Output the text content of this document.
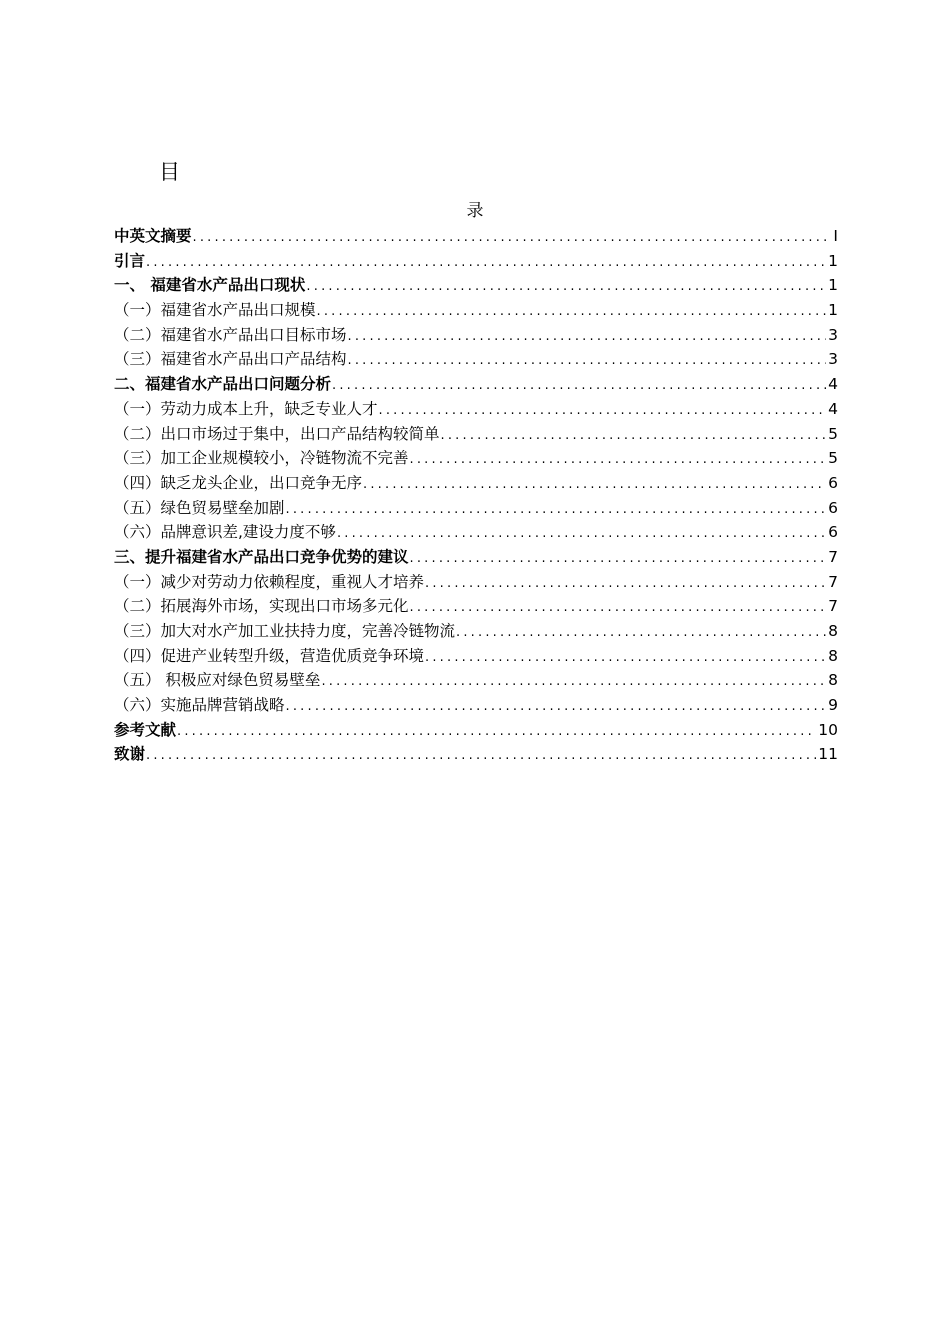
目
录
中英文摘要 .....	I
引言 .....	1
一、 福建省水产品出口现状 .....	1
（一）福建省水产品出口规模 .....	1
（二）福建省水产品出口目标市场 .....	3
（三）福建省水产品出口产品结构 .....	3
二、福建省水产品出口问题分析 .....	4
（一）劳动力成本上升，缺乏专业人才 .....	4
（二）出口市场过于集中，出口产品结构较简单 .....	5
（三）加工企业规模较小，冷链物流不完善 .....	5
（四）缺乏龙头企业，出口竞争无序 .....	6
（五）绿色贸易壁垒加剧 .....	6
（六）品牌意识差,建设力度不够 .....	6
三、提升福建省水产品出口竞争优势的建议 .....	7
（一）减少对劳动力依赖程度，重视人才培养 .....	7
（二）拓展海外市场，实现出口市场多元化 .....	7
（三）加大对水产加工业扶持力度，完善冷链物流 .....	8
（四）促进产业转型升级，营造优质竞争环境 .....	8
（五） 积极应对绿色贸易壁垒 .....	8
（六）实施品牌营销战略 .....	9
参考文献 .....	10
致谢 .....	11
